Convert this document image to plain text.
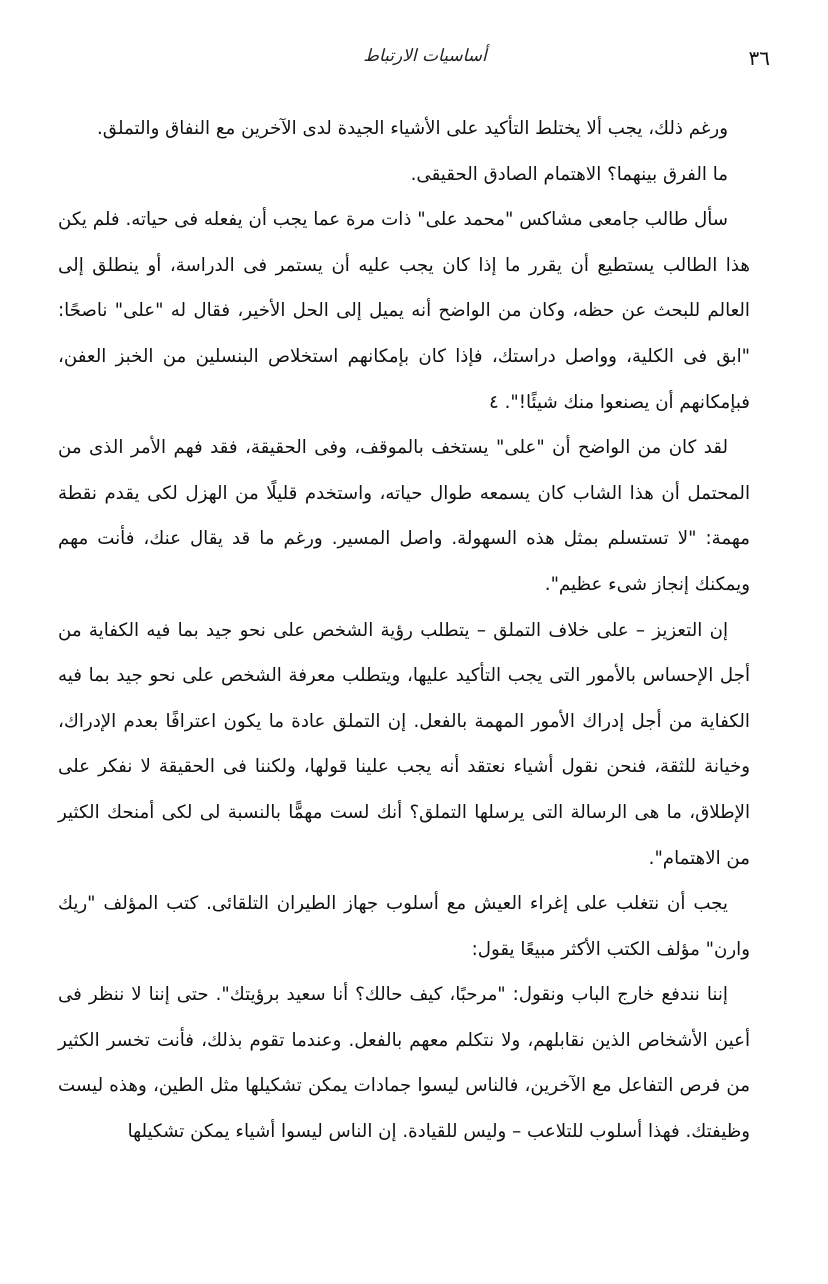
٣٦
أساسيات الارتباط

ورغم ذلك، يجب ألا يختلط التأكيد على الأشياء الجيدة لدى الآخرين مع النفاق والتملق.

ما الفرق بينهما؟ الاهتمام الصادق الحقيقى.

سأل طالب جامعى مشاكس "محمد على" ذات مرة عما يجب أن يفعله فى حياته. فلم يكن هذا الطالب يستطيع أن يقرر ما إذا كان يجب عليه أن يستمر فى الدراسة، أو ينطلق إلى العالم للبحث عن حظه، وكان من الواضح أنه يميل إلى الحل الأخير، فقال له "على" ناصحًا: "ابق فى الكلية، وواصل دراستك، فإذا كان بإمكانهم استخلاص البنسلين من الخبز العفن، فبإمكانهم أن يصنعوا منك شيئًا!". ٤

لقد كان من الواضح أن "على" يستخف بالموقف، وفى الحقيقة، فقد فهم الأمر الذى من المحتمل أن هذا الشاب كان يسمعه طوال حياته، واستخدم قليلًا من الهزل لكى يقدم نقطة مهمة: "لا تستسلم بمثل هذه السهولة. واصل المسير. ورغم ما قد يقال عنك، فأنت مهم ويمكنك إنجاز شىء عظيم".

إن التعزيز – على خلاف التملق – يتطلب رؤية الشخص على نحو جيد بما فيه الكفاية من أجل الإحساس بالأمور التى يجب التأكيد عليها، ويتطلب معرفة الشخص على نحو جيد بما فيه الكفاية من أجل إدراك الأمور المهمة بالفعل. إن التملق عادة ما يكون اعترافًا بعدم الإدراك، وخيانة للثقة، فنحن نقول أشياء نعتقد أنه يجب علينا قولها، ولكننا فى الحقيقة لا نفكر على الإطلاق، ما هى الرسالة التى يرسلها التملق؟ أنك لست مهمًّا بالنسبة لى لكى أمنحك الكثير من الاهتمام".

يجب أن نتغلب على إغراء العيش مع أسلوب جهاز الطيران التلقائى. كتب المؤلف "ريك وارن" مؤلف الكتب الأكثر مبيعًا يقول:

إننا نندفع خارج الباب ونقول: "مرحبًا، كيف حالك؟ أنا سعيد برؤيتك". حتى إننا لا ننظر فى أعين الأشخاص الذين نقابلهم، ولا نتكلم معهم بالفعل. وعندما تقوم بذلك، فأنت تخسر الكثير من فرص التفاعل مع الآخرين، فالناس ليسوا جمادات يمكن تشكيلها مثل الطين، وهذه ليست وظيفتك. فهذا أسلوب للتلاعب – وليس للقيادة. إن الناس ليسوا أشياء يمكن تشكيلها
